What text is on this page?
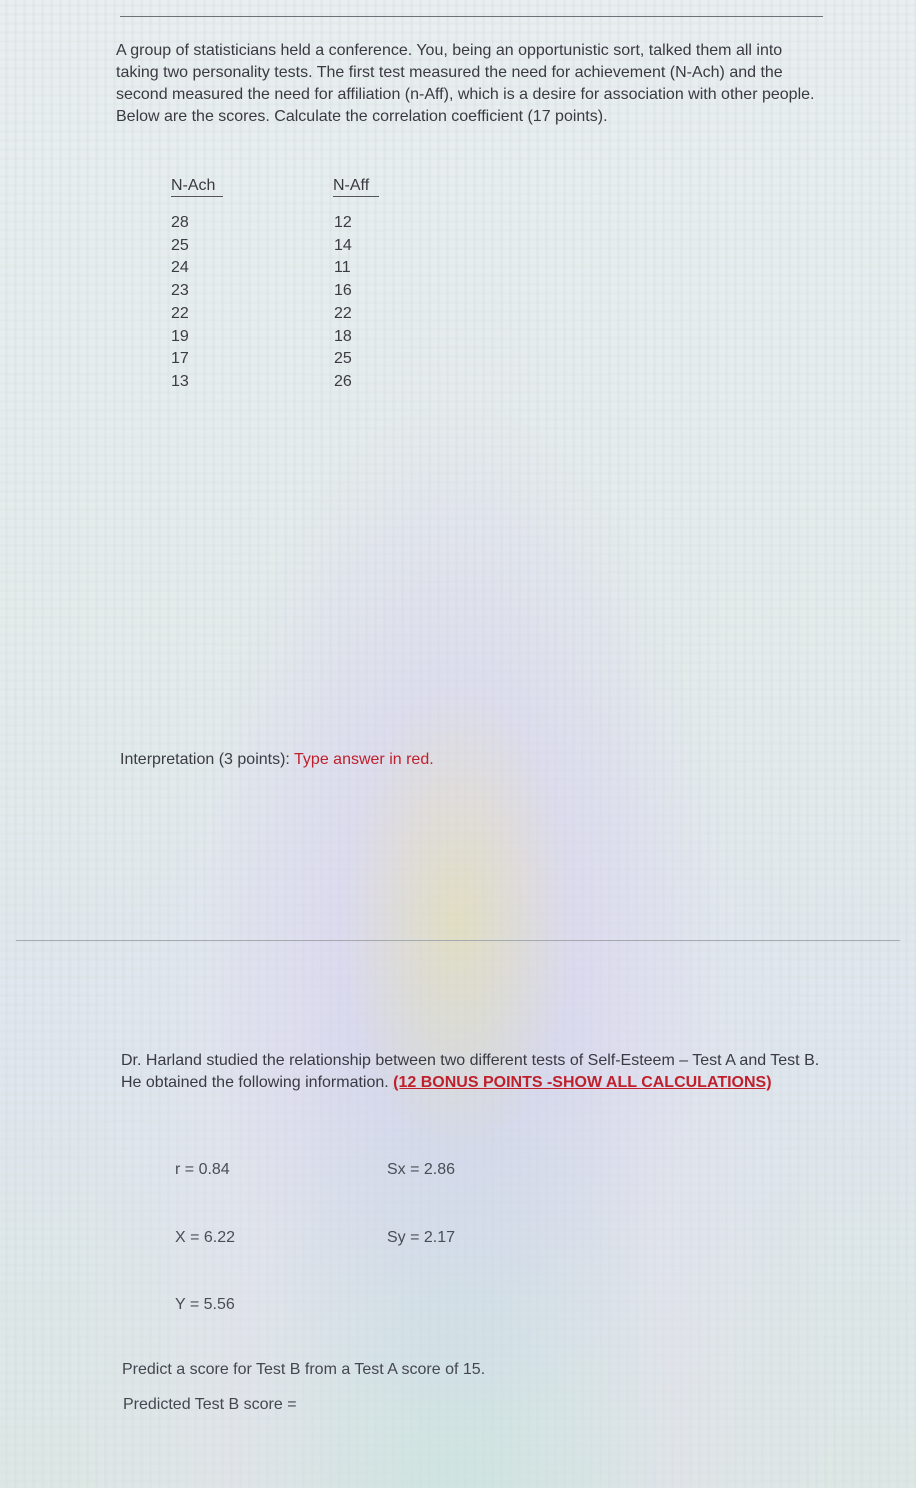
A group of statisticians held a conference. You, being an opportunistic sort, talked them all into taking two personality tests. The first test measured the need for achievement (N-Ach) and the second measured the need for affiliation (n-Aff), which is a desire for association with other people. Below are the scores. Calculate the correlation coefficient (17 points).

N-Ach	N-Aff
28
25
24
23
22
19
17
13
12
14
11
16
22
18
25
26
Interpretation (3 points): Type answer in red.

Dr. Harland studied the relationship between two different tests of Self-Esteem – Test A and Test B. He obtained the following information. (12 BONUS POINTS -SHOW ALL CALCULATIONS)

r = 0.84
X = 6.22
Y = 5.56
Sx = 2.86
Sy = 2.17
Predict a score for Test B from a Test A score of 15.
Predicted Test B score =
